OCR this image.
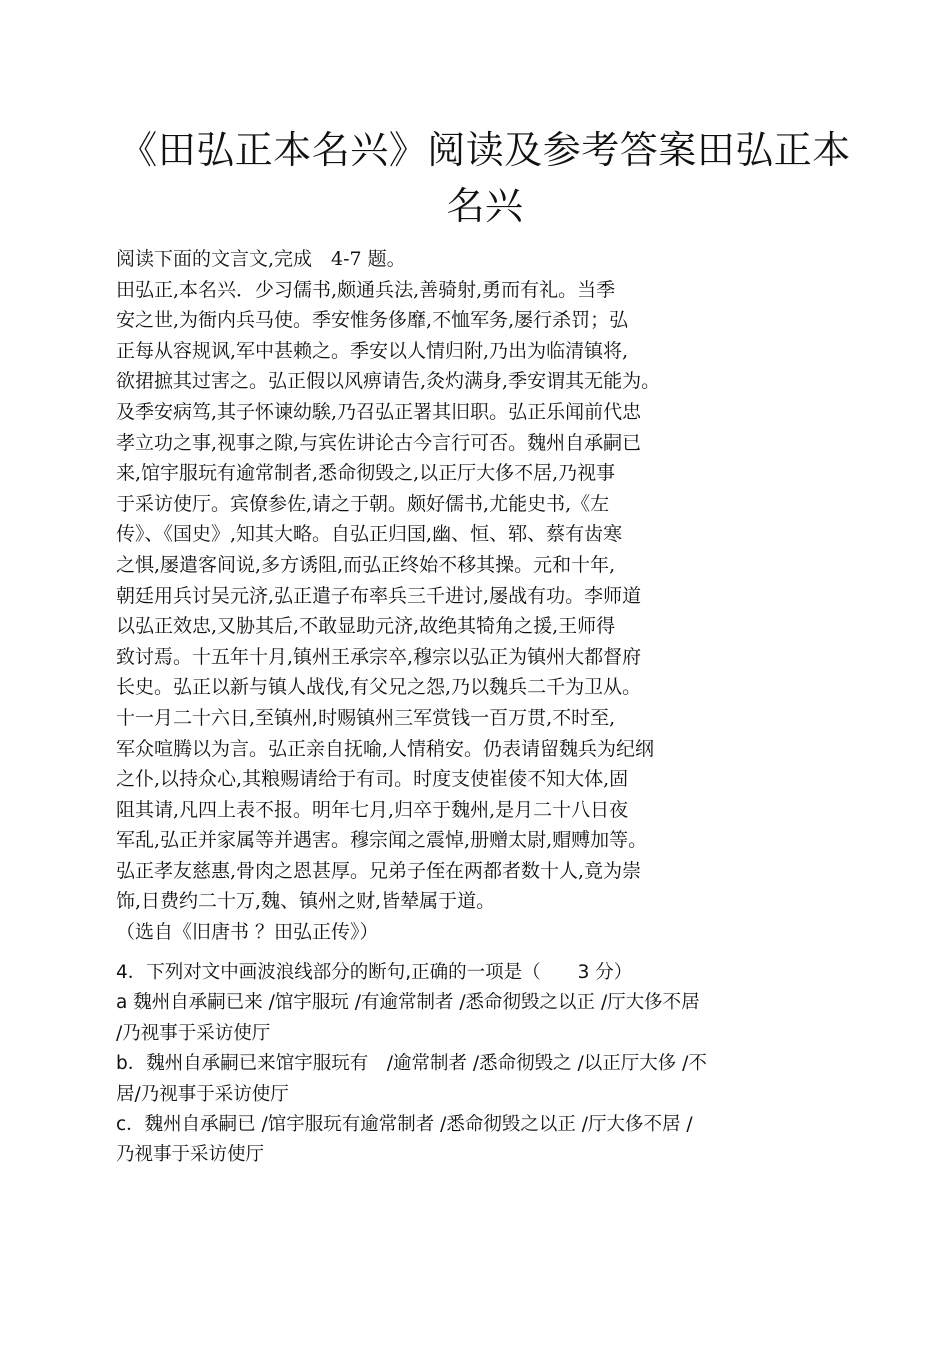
《田弘正本名兴》阅读及参考答案田弘正本
名兴
阅读下面的文言文,完成　4-7 题。
田弘正,本名兴．少习儒书,颇通兵法,善骑射,勇而有礼。当季
安之世,为衙内兵马使。季安惟务侈靡,不恤军务,屡行杀罚；弘
正每从容规讽,军中甚赖之。季安以人情归附,乃出为临清镇将,
欲捃摭其过害之。弘正假以风痹请告,灸灼满身,季安谓其无能为。
及季安病笃,其子怀谏幼騃,乃召弘正署其旧职。弘正乐闻前代忠
孝立功之事,视事之隙,与宾佐讲论古今言行可否。魏州自承嗣已
来,馆宇服玩有逾常制者,悉命彻毁之,以正厅大侈不居,乃视事
于采访使厅。宾僚参佐,请之于朝。颇好儒书,尤能史书,《左
传》、《国史》,知其大略。自弘正归国,幽、恒、郓、蔡有齿寒
之惧,屡遣客间说,多方诱阻,而弘正终始不移其操。元和十年,
朝廷用兵讨吴元济,弘正遣子布率兵三千进讨,屡战有功。李师道
以弘正效忠,又胁其后,不敢显助元济,故绝其犄角之援,王师得
致讨焉。十五年十月,镇州王承宗卒,穆宗以弘正为镇州大都督府
长史。弘正以新与镇人战伐,有父兄之怨,乃以魏兵二千为卫从。
十一月二十六日,至镇州,时赐镇州三军赏钱一百万贯,不时至,
军众喧腾以为言。弘正亲自抚喻,人情稍安。仍表请留魏兵为纪纲
之仆,以持众心,其粮赐请给于有司。时度支使崔倰不知大体,固
阻其请,凡四上表不报。明年七月,归卒于魏州,是月二十八日夜
军乱,弘正并家属等并遇害。穆宗闻之震悼,册赠太尉,赗赙加等。
弘正孝友慈惠,骨肉之恩甚厚。兄弟子侄在两都者数十人,竟为崇
饰,日费约二十万,魏、镇州之财,皆辇属于道。
（选自《旧唐书 ？田弘正传》）
4．下列对文中画波浪线部分的断句,正确的一项是（　　3 分）
a 魏州自承嗣已来 /馆宇服玩 /有逾常制者 /悉命彻毁之以正 /厅大侈不居
/乃视事于采访使厅
b．魏州自承嗣已来馆宇服玩有　/逾常制者 /悉命彻毁之 /以正厅大侈 /不
居/乃视事于采访使厅
c．魏州自承嗣已 /馆宇服玩有逾常制者 /悉命彻毁之以正 /厅大侈不居 /
乃视事于采访使厅
